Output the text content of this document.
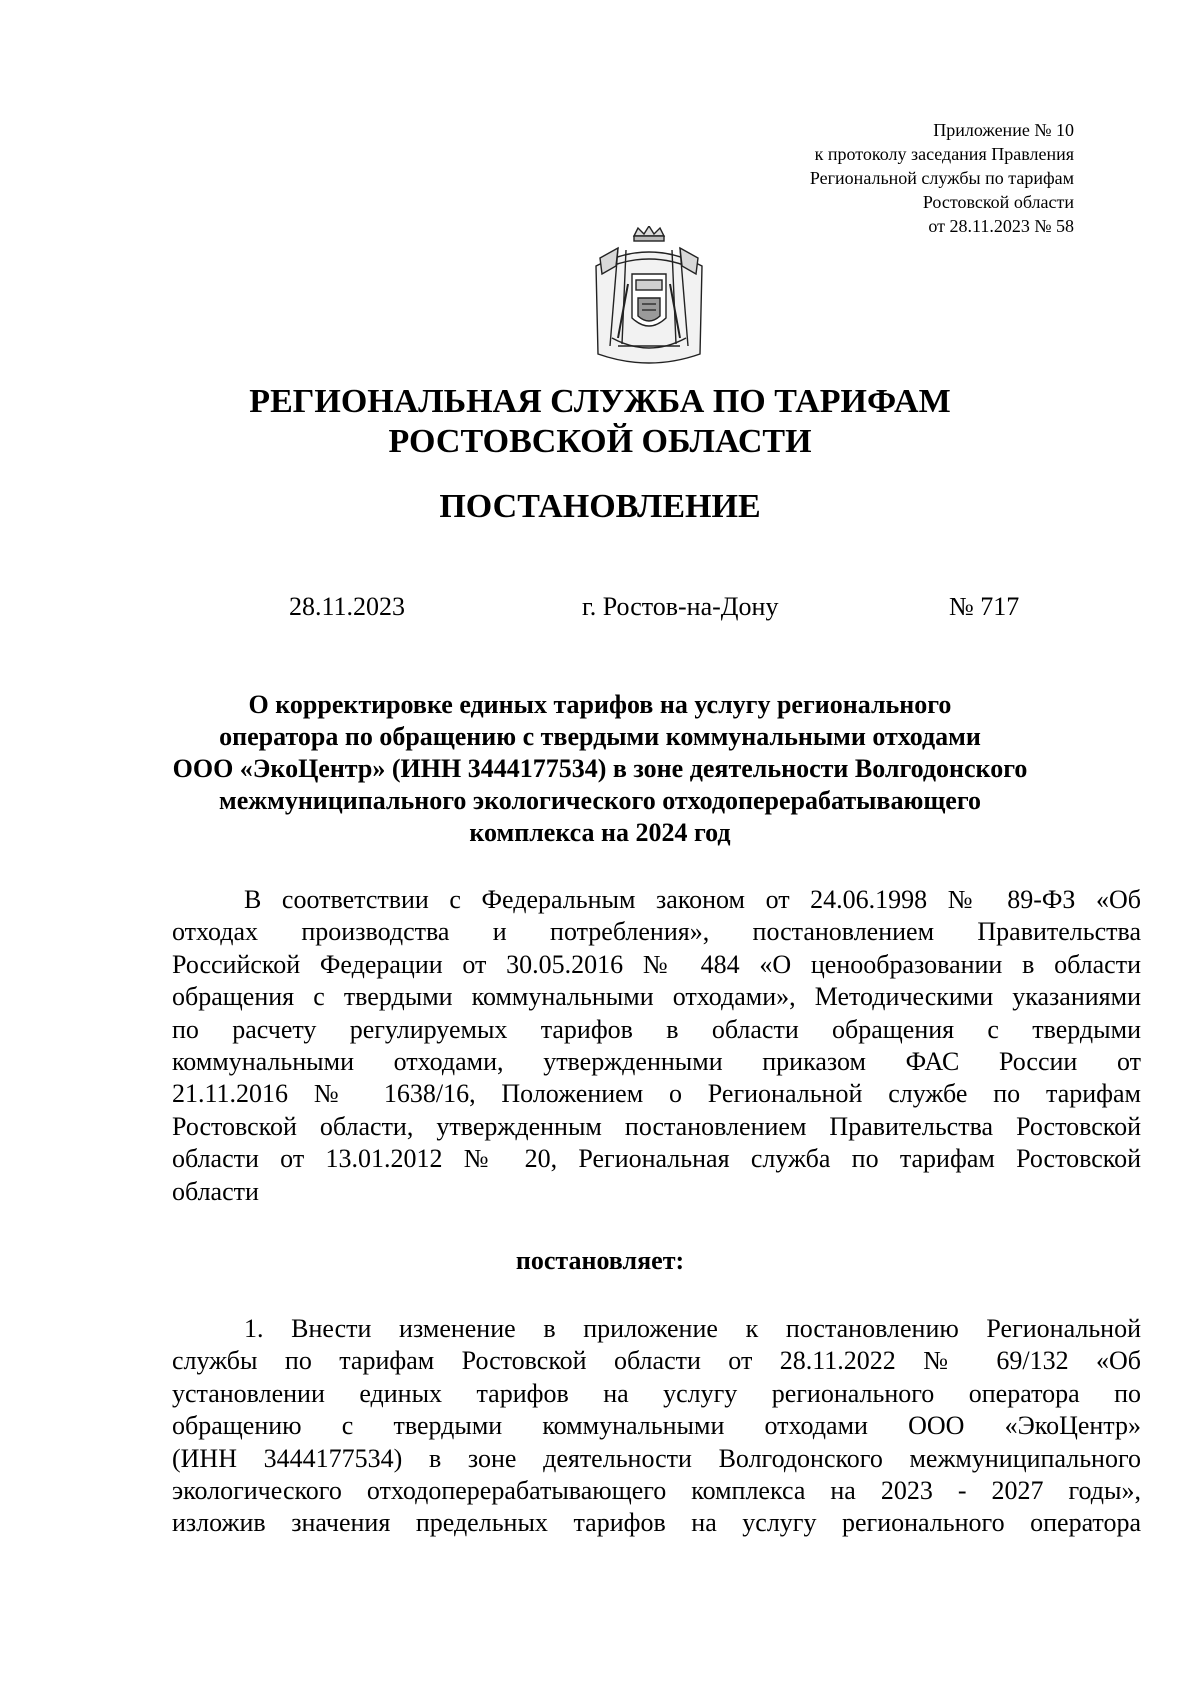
Приложение № 10
к протоколу заседания Правления
Региональной службы по тарифам
Ростовской области
от 28.11.2023 № 58
РЕГИОНАЛЬНАЯ СЛУЖБА ПО ТАРИФАМ
РОСТОВСКОЙ ОБЛАСТИ
ПОСТАНОВЛЕНИЕ
28.11.2023	г. Ростов-на-Дону	№ 717
О корректировке единых тарифов на услугу регионального
оператора по обращению с твердыми коммунальными отходами
ООО «ЭкоЦентр» (ИНН 3444177534) в зоне деятельности Волгодонского
межмуниципального экологического отходоперерабатывающего
комплекса на 2024 год
В соответствии с Федеральным законом от 24.06.1998 № 89-ФЗ «Об
отходах производства и потребления», постановлением Правительства
Российской Федерации от 30.05.2016 № 484 «О ценообразовании в области
обращения с твердыми коммунальными отходами», Методическими указаниями
по расчету регулируемых тарифов в области обращения с твердыми
коммунальными отходами, утвержденными приказом ФАС России от
21.11.2016 № 1638/16, Положением о Региональной службе по тарифам
Ростовской области, утвержденным постановлением Правительства Ростовской
области от 13.01.2012 № 20, Региональная служба по тарифам Ростовской
области
постановляет:
1. Внести изменение в приложение к постановлению Региональной
службы по тарифам Ростовской области от 28.11.2022 № 69/132 «Об
установлении единых тарифов на услугу регионального оператора по
обращению с твердыми коммунальными отходами ООО «ЭкоЦентр»
(ИНН 3444177534) в зоне деятельности Волгодонского межмуниципального
экологического отходоперерабатывающего комплекса на 2023 - 2027 годы»,
изложив значения предельных тарифов на услугу регионального оператора
